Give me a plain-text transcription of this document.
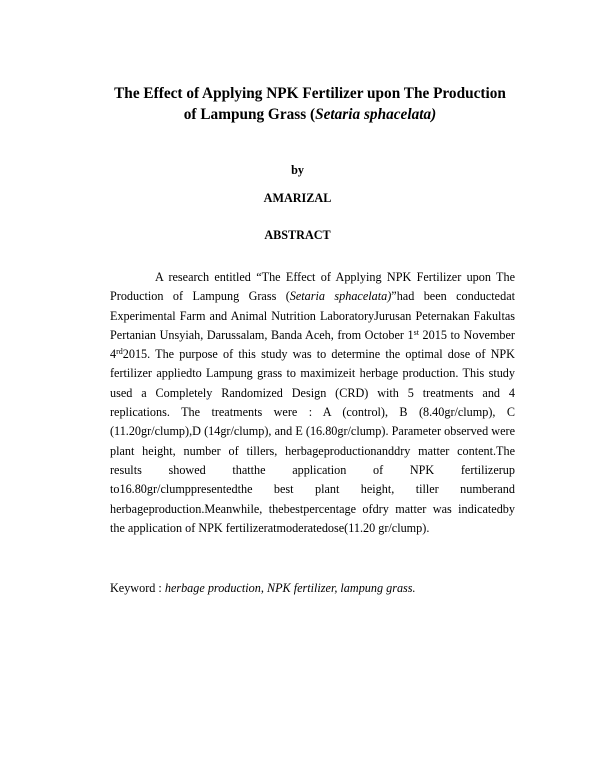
The Effect of Applying NPK Fertilizer upon The Production
of Lampung Grass (Setaria sphacelata)
by
AMARIZAL
ABSTRACT
A research entitled “The Effect of Applying NPK Fertilizer upon The Production of Lampung Grass (Setaria sphacelata)”had been conductedat Experimental Farm and Animal Nutrition LaboratoryJurusan Peternakan Fakultas Pertanian Unsyiah, Darussalam, Banda Aceh, from October 1st 2015 to November 4rd2015. The purpose of this study was to determine the optimal dose of NPK fertilizer appliedto Lampung grass to maximizeit herbage production. This study used a Completely Randomized Design (CRD) with 5 treatments and 4 replications. The treatments were : A (control), B (8.40gr/clump), C (11.20gr/clump),D (14gr/clump), and E (16.80gr/clump). Parameter observed were plant height, number of tillers, herbageproductionanddry matter content.The results showed thatthe application of NPK fertilizerup to16.80gr/clumppresentedthe best plant height, tiller numberand herbageproduction.Meanwhile, thebestpercentage ofdry matter was indicatedby the application of NPK fertilizeratmoderatedose(11.20 gr/clump).
Keyword : herbage production, NPK fertilizer, lampung grass.
